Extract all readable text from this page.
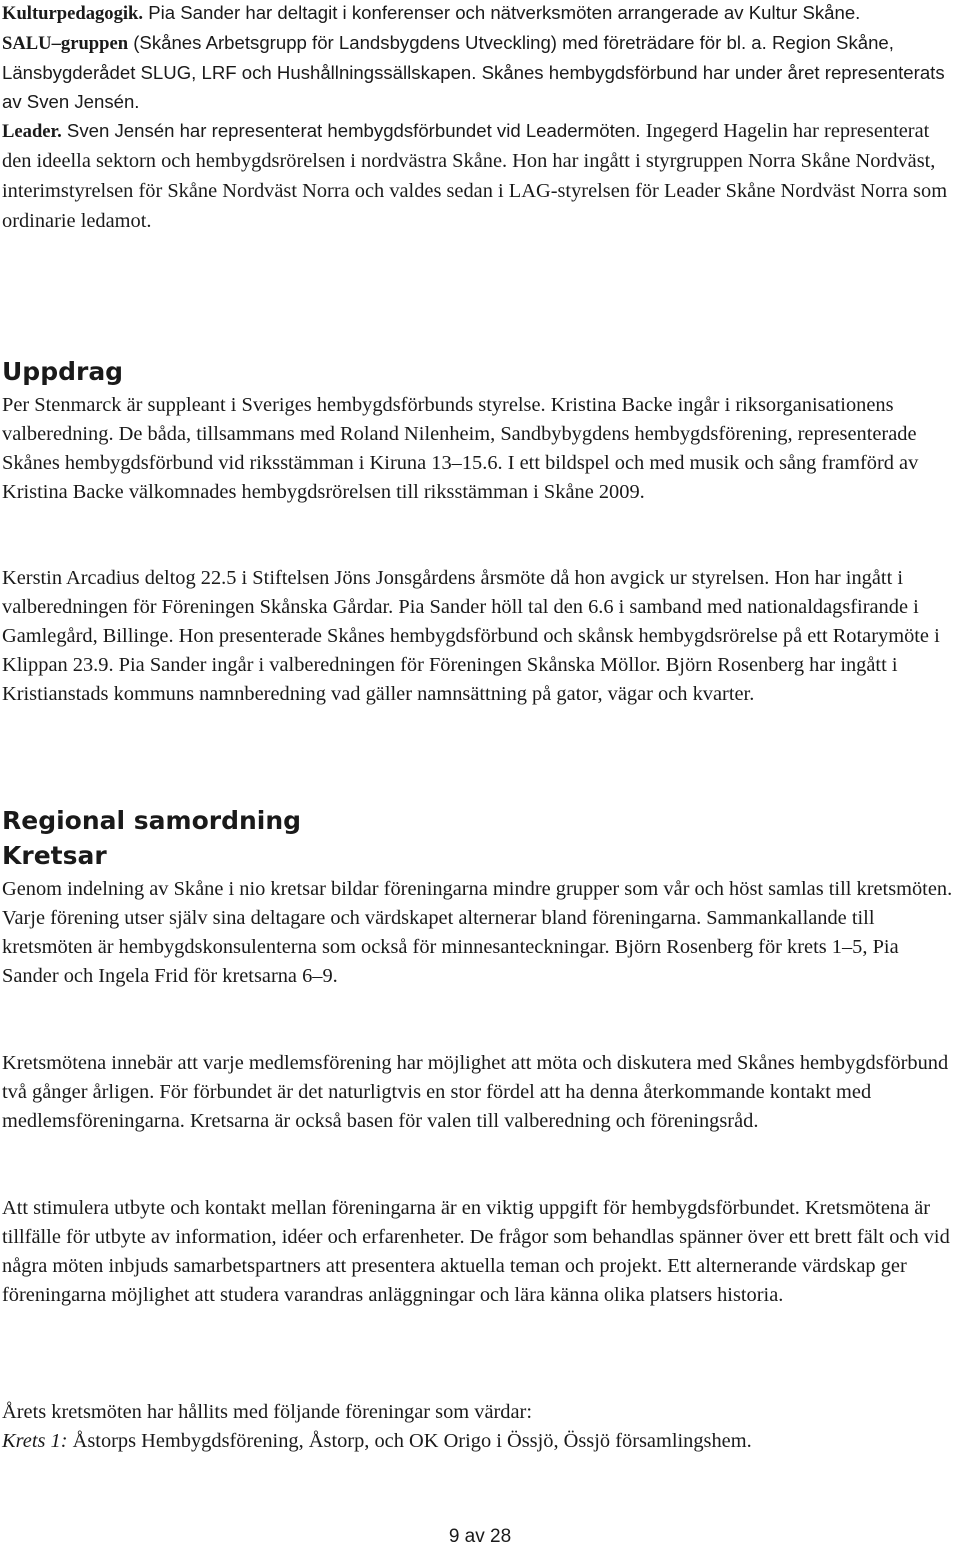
Kulturpedagogik. Pia Sander har deltagit i konferenser och nätverksmöten arrangerade av Kultur Skåne.
SALU–gruppen (Skånes Arbetsgrupp för Landsbygdens Utveckling) med företrädare för bl. a. Region Skåne, Länsbygderådet SLUG, LRF och Hushållningssällskapen. Skånes hembygdsförbund har under året representerats av Sven Jensén.
Leader. Sven Jensén har representerat hembygdsförbundet vid Leadermöten. Ingegerd Hagelin har representerat den ideella sektorn och hembygdsrörelsen i nordvästra Skåne. Hon har ingått i styrgruppen Norra Skåne Nordväst, interimstyrelsen för Skåne Nordväst Norra och valdes sedan i LAG-styrelsen för Leader Skåne Nordväst Norra som ordinarie ledamot.

Uppdrag

Per Stenmarck är suppleant i Sveriges hembygdsförbunds styrelse. Kristina Backe ingår i riksorganisationens valberedning. De båda, tillsammans med Roland Nilenheim, Sandbybygdens hembygdsförening, representerade Skånes hembygdsförbund vid riksstämman i Kiruna 13–15.6. I ett bildspel och med musik och sång framförd av Kristina Backe välkomnades hembygdsrörelsen till riksstämman i Skåne 2009.

Kerstin Arcadius deltog 22.5 i Stiftelsen Jöns Jonsgårdens årsmöte då hon avgick ur styrelsen. Hon har ingått i valberedningen för Föreningen Skånska Gårdar. Pia Sander höll tal den 6.6 i samband med nationaldagsfirande i Gamlegård, Billinge. Hon presenterade Skånes hembygdsförbund och skånsk hembygdsrörelse på ett Rotarymöte i Klippan 23.9. Pia Sander ingår i valberedningen för Föreningen Skånska Möllor. Björn Rosenberg har ingått i Kristianstads kommuns namnberedning vad gäller namnsättning på gator, vägar och kvarter.

Regional samordning
Kretsar

Genom indelning av Skåne i nio kretsar bildar föreningarna mindre grupper som vår och höst samlas till kretsmöten. Varje förening utser själv sina deltagare och värdskapet alternerar bland föreningarna. Sammankallande till kretsmöten är hembygdskonsulenterna som också för minnesanteckningar. Björn Rosenberg för krets 1–5, Pia Sander och Ingela Frid för kretsarna 6–9.

Kretsmötena innebär att varje medlemsförening har möjlighet att möta och diskutera med Skånes hembygdsförbund två gånger årligen. För förbundet är det naturligtvis en stor fördel att ha denna återkommande kontakt med medlemsföreningarna. Kretsarna är också basen för valen till valberedning och föreningsråd.

Att stimulera utbyte och kontakt mellan föreningarna är en viktig uppgift för hembygdsförbundet. Kretsmötena är tillfälle för utbyte av information, idéer och erfarenheter. De frågor som behandlas spänner över ett brett fält och vid några möten inbjuds samarbetspartners att presentera aktuella teman och projekt. Ett alternerande värdskap ger föreningarna möjlighet att studera varandras anläggningar och lära känna olika platsers historia.

Årets kretsmöten har hållits med följande föreningar som värdar:
Krets 1: Åstorps Hembygdsförening, Åstorp, och OK Origo i Össjö, Össjö församlingshem.

9 av 28
